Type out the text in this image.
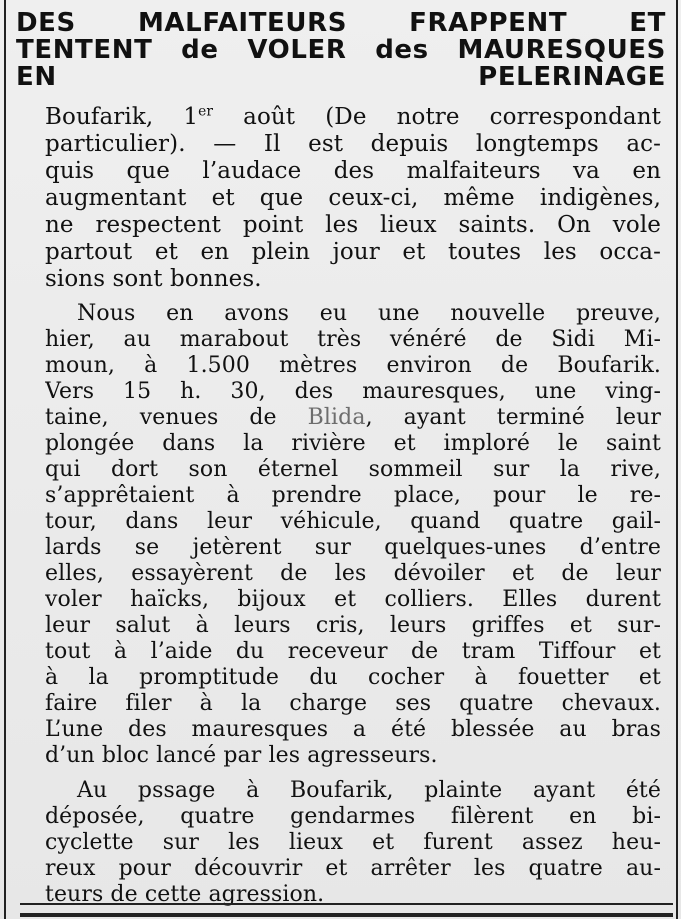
DES MALFAITEURS FRAPPENT ET
TENTENT de VOLER des MAURESQUES
EN PELERINAGE
Boufarik, 1er août (De notre correspondant
particulier). — Il est depuis longtemps ac-
quis que l’audace des malfaiteurs va en
augmentant et que ceux-ci, même indigènes,
ne respectent point les lieux saints. On vole
partout et en plein jour et toutes les occa-
sions sont bonnes.
Nous en avons eu une nouvelle preuve,
hier, au marabout très vénéré de Sidi Mi-
moun, à 1.500 mètres environ de Boufarik.
Vers 15 h. 30, des mauresques, une ving-
taine, venues de Blida, ayant terminé leur
plongée dans la rivière et imploré le saint
qui dort son éternel sommeil sur la rive,
s’apprêtaient à prendre place, pour le re-
tour, dans leur véhicule, quand quatre gail-
lards se jetèrent sur quelques-unes d’entre
elles, essayèrent de les dévoiler et de leur
voler haïcks, bijoux et colliers. Elles durent
leur salut à leurs cris, leurs griffes et sur-
tout à l’aide du receveur de tram Tiffour et
à la promptitude du cocher à fouetter et
faire filer à la charge ses quatre chevaux.
L’une des mauresques a été blessée au bras
d’un bloc lancé par les agresseurs.
Au pssage à Boufarik, plainte ayant été
déposée, quatre gendarmes filèrent en bi-
cyclette sur les lieux et furent assez heu-
reux pour découvrir et arrêter les quatre au-
teurs de cette agression.
